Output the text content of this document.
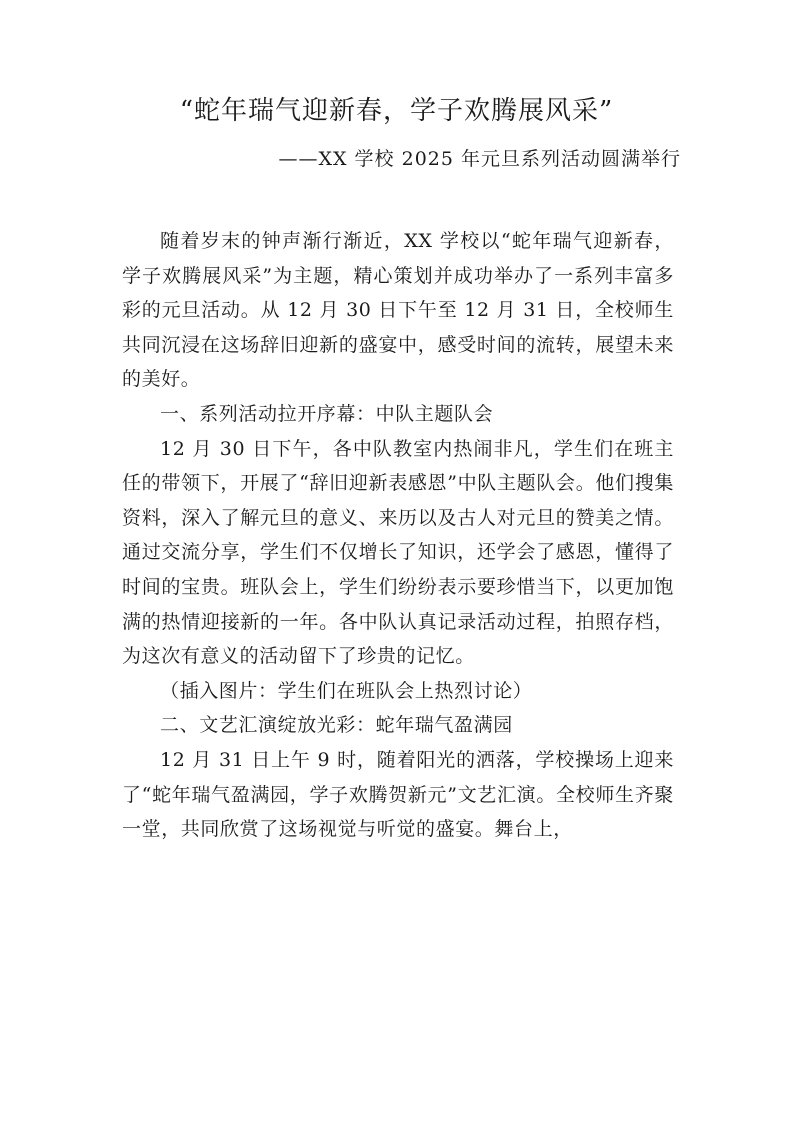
“蛇年瑞气迎新春，学子欢腾展风采”
——XX 学校 2025 年元旦系列活动圆满举行

随着岁末的钟声渐行渐近，XX 学校以“蛇年瑞气迎新春，学子欢腾展风采”为主题，精心策划并成功举办了一系列丰富多彩的元旦活动。从 12 月 30 日下午至 12 月 31 日，全校师生共同沉浸在这场辞旧迎新的盛宴中，感受时间的流转，展望未来的美好。

一、系列活动拉开序幕：中队主题队会

12 月 30 日下午，各中队教室内热闹非凡，学生们在班主任的带领下，开展了“辞旧迎新表感恩”中队主题队会。他们搜集资料，深入了解元旦的意义、来历以及古人对元旦的赞美之情。通过交流分享，学生们不仅增长了知识，还学会了感恩，懂得了时间的宝贵。班队会上，学生们纷纷表示要珍惜当下，以更加饱满的热情迎接新的一年。各中队认真记录活动过程，拍照存档，为这次有意义的活动留下了珍贵的记忆。

（插入图片：学生们在班队会上热烈讨论）

二、文艺汇演绽放光彩：蛇年瑞气盈满园

12 月 31 日上午 9 时，随着阳光的洒落，学校操场上迎来了“蛇年瑞气盈满园，学子欢腾贺新元”文艺汇演。全校师生齐聚一堂，共同欣赏了这场视觉与听觉的盛宴。舞台上，
